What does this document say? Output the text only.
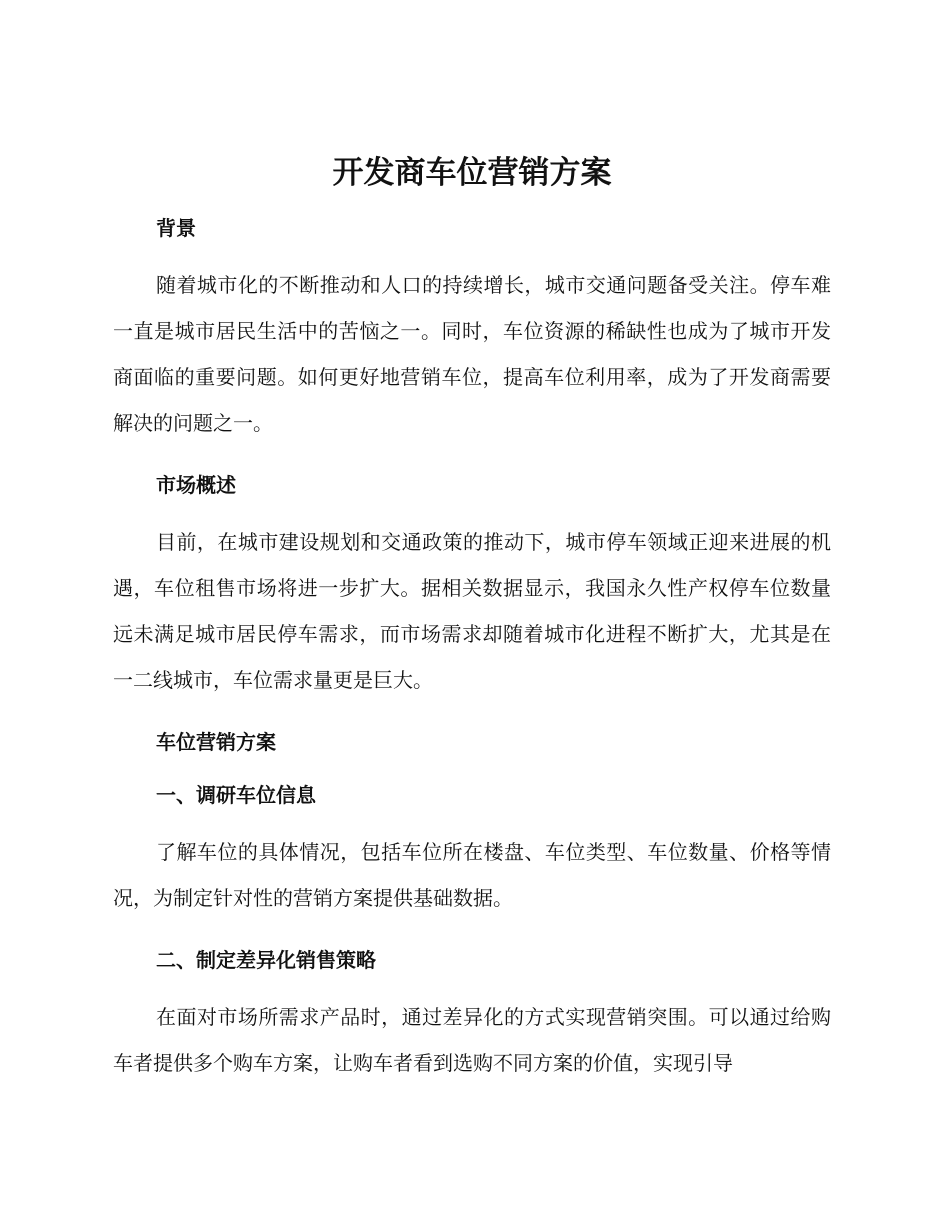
开发商车位营销方案
背景

随着城市化的不断推动和人口的持续增长，城市交通问题备受关注。停车难一直是城市居民生活中的苦恼之一。同时，车位资源的稀缺性也成为了城市开发商面临的重要问题。如何更好地营销车位，提高车位利用率，成为了开发商需要解决的问题之一。

市场概述

目前，在城市建设规划和交通政策的推动下，城市停车领域正迎来进展的机遇，车位租售市场将进一步扩大。据相关数据显示，我国永久性产权停车位数量远未满足城市居民停车需求，而市场需求却随着城市化进程不断扩大，尤其是在一二线城市，车位需求量更是巨大。

车位营销方案
一、调研车位信息

了解车位的具体情况，包括车位所在楼盘、车位类型、车位数量、价格等情况，为制定针对性的营销方案提供基础数据。

二、制定差异化销售策略

在面对市场所需求产品时，通过差异化的方式实现营销突围。可以通过给购车者提供多个购车方案，让购车者看到选购不同方案的价值，实现引导
